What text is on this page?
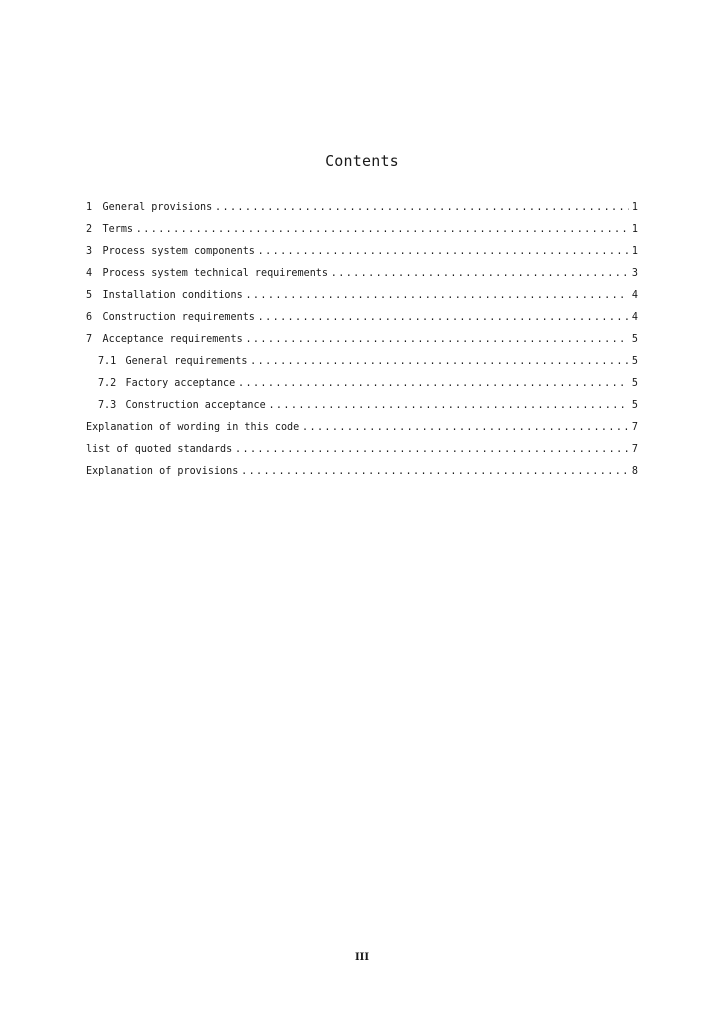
Contents
1 General provisions .....	1
2 Terms .....	1
3 Process system components .....	1
4 Process system technical requirements .....	3
5 Installation conditions .....	4
6 Construction requirements .....	4
7 Acceptance requirements .....	5
7.1 General requirements .....	5
7.2 Factory acceptance .....	5
7.3 Construction acceptance .....	5
Explanation of wording in this code .....	7
list of quoted standards .....	7
Explanation of provisions .....	8
III
